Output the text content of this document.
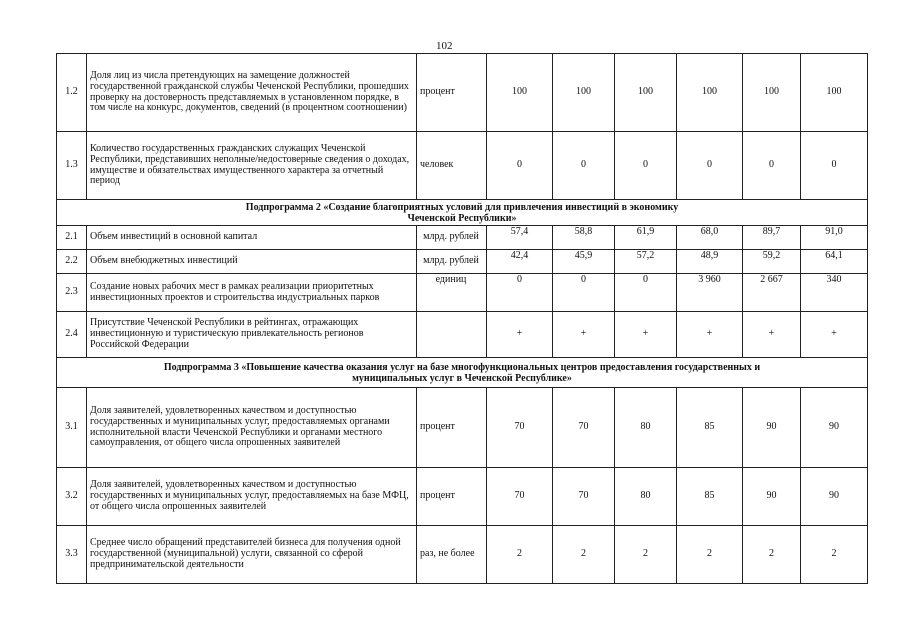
102
1.2	Доля лиц из числа претендующих на замещение должностей государственной гражданской службы Чеченской Республики, прошедших проверку на достоверность представляемых в установленном порядке, в том числе на конкурс, документов, сведений (в процентном соотношении)	процент	100	100	100	100	100	100
1.3	Количество государственных гражданских служащих Чеченской Республики, представивших неполные/недостоверные сведения о доходах, имуществе и обязательствах имущественного характера за отчетный период	человек	0	0	0	0	0	0

Подпрограмма 2 «Создание благоприятных условий для привлечения инвестиций в экономику
Чеченской Республики»								

2.1	Объем инвестиций в основной капитал	млрд. рублей	57,4	58,8	61,9	68,0	89,7	91,0
2.2	Объем внебюджетных инвестиций	млрд. рублей	42,4	45,9	57,2	48,9	59,2	64,1
2.3	Создание новых рабочих мест в рамках реализации приоритетных инвестиционных проектов и строительства индустриальных парков	единиц	0	0	0	3 960	2 667	340
2.4	Присутствие Чеченской Республики в рейтингах, отражающих инвестиционную и туристическую привлекательность регионов Российской Федерации		+	+	+	+	+	+

Подпрограмма 3 «Повышение качества оказания услуг на базе многофункциональных центров предоставления государственных и
муниципальных услуг в Чеченской Республике»								

3.1	Доля заявителей, удовлетворенных качеством и доступностью государственных и муниципальных услуг, предоставляемых органами исполнительной власти Чеченской Республики и органами местного самоуправления, от общего числа опрошенных заявителей	процент	70	70	80	85	90	90
3.2	Доля заявителей, удовлетворенных качеством и доступностью государственных и муниципальных услуг, предоставляемых на базе МФЦ, от общего числа опрошенных заявителей	процент	70	70	80	85	90	90
3.3	Среднее число обращений представителей бизнеса для получения одной государственной (муниципальной) услуги, связанной со сферой предпринимательской деятельности	раз, не более	2	2	2	2	2	2
